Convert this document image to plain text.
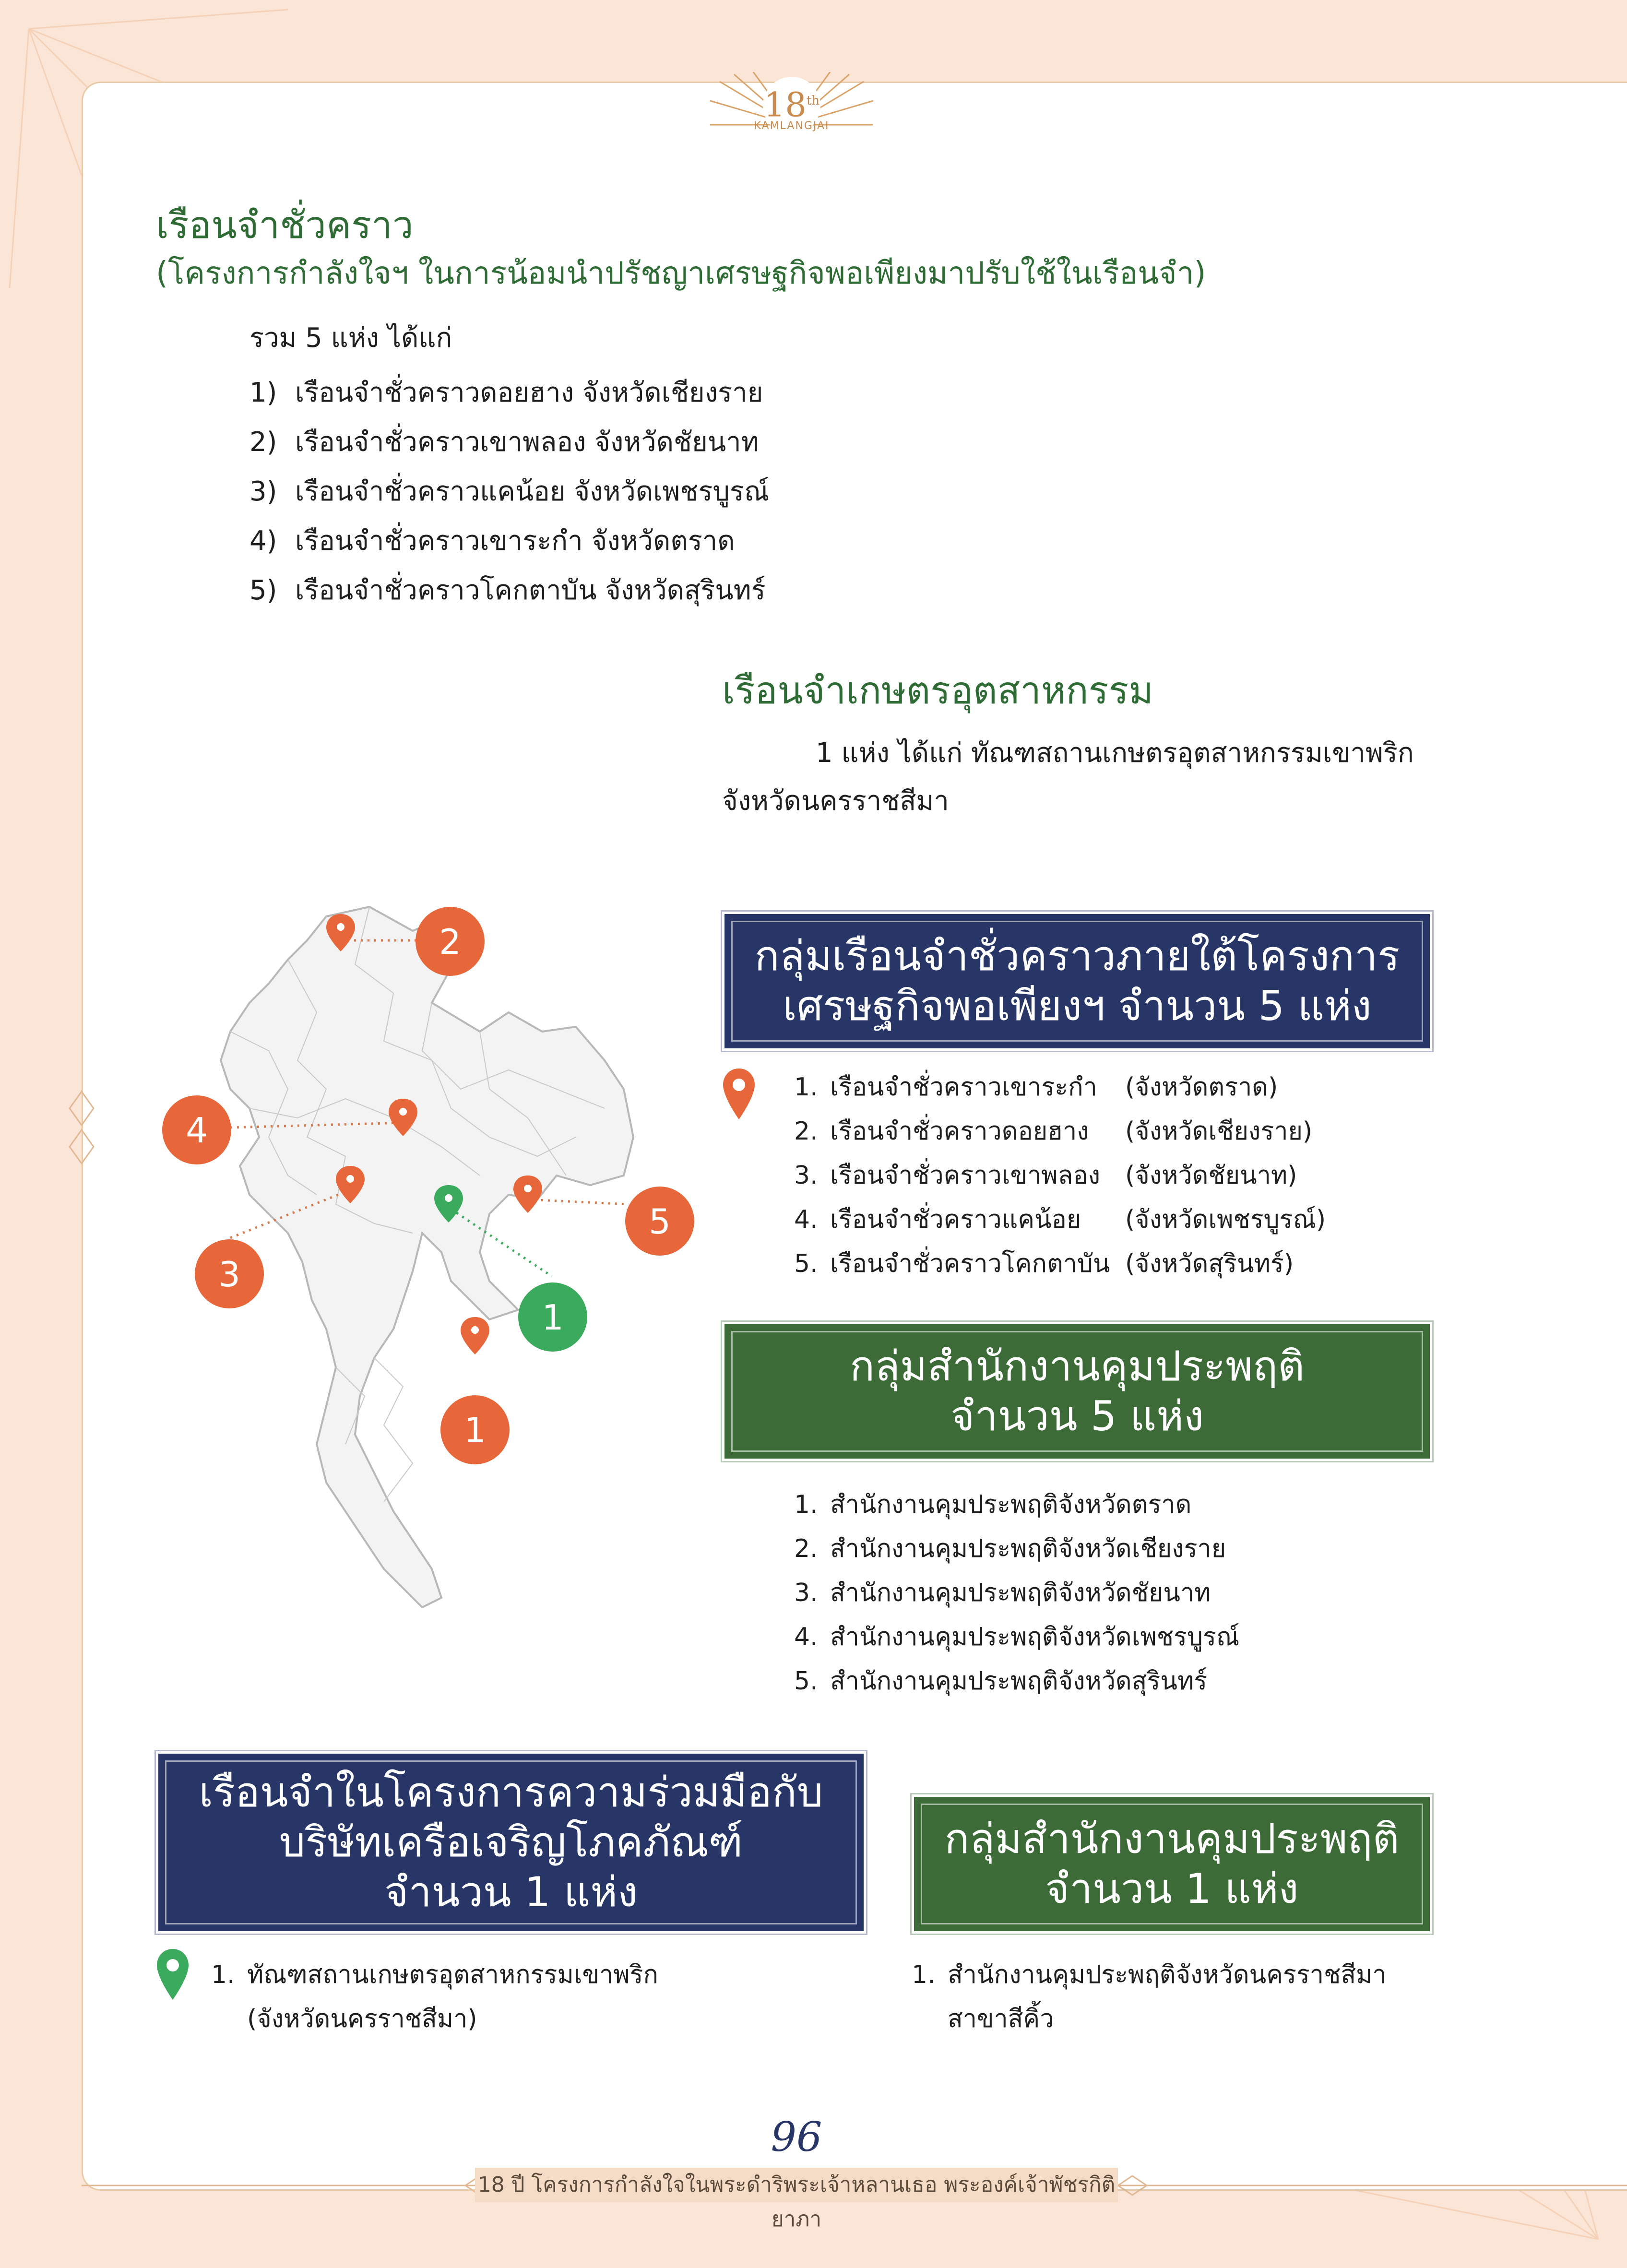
18th
KAMLANGJAI
เรือนจำชั่วคราว
(โครงการกำลังใจฯ ในการน้อมนำปรัชญาเศรษฐกิจพอเพียงมาปรับใช้ในเรือนจำ)
รวม 5 แห่ง ได้แก่
1) เรือนจำชั่วคราวดอยฮาง จังหวัดเชียงราย
2) เรือนจำชั่วคราวเขาพลอง จังหวัดชัยนาท
3) เรือนจำชั่วคราวแคน้อย จังหวัดเพชรบูรณ์
4) เรือนจำชั่วคราวเขาระกำ จังหวัดตราด
5) เรือนจำชั่วคราวโคกตาบัน จังหวัดสุรินทร์
เรือนจำเกษตรอุตสาหกรรม
1 แห่ง ได้แก่ ทัณฑสถานเกษตรอุตสาหกรรมเขาพริก
จังหวัดนครราชสีมา
2
4
3
5
1
1
กลุ่มเรือนจำชั่วคราวภายใต้โครงการ
เศรษฐกิจพอเพียงฯ จำนวน 5 แห่ง
1. เรือนจำชั่วคราวเขาระกำ (จังหวัดตราด)
2. เรือนจำชั่วคราวดอยฮาง (จังหวัดเชียงราย)
3. เรือนจำชั่วคราวเขาพลอง (จังหวัดชัยนาท)
4. เรือนจำชั่วคราวแคน้อย (จังหวัดเพชรบูรณ์)
5. เรือนจำชั่วคราวโคกตาบัน (จังหวัดสุรินทร์)
กลุ่มสำนักงานคุมประพฤติ
จำนวน 5 แห่ง
1. สำนักงานคุมประพฤติจังหวัดตราด
2. สำนักงานคุมประพฤติจังหวัดเชียงราย
3. สำนักงานคุมประพฤติจังหวัดชัยนาท
4. สำนักงานคุมประพฤติจังหวัดเพชรบูรณ์
5. สำนักงานคุมประพฤติจังหวัดสุรินทร์
เรือนจำในโครงการความร่วมมือกับ
บริษัทเครือเจริญโภคภัณฑ์
จำนวน 1 แห่ง
1. ทัณฑสถานเกษตรอุตสาหกรรมเขาพริก
(จังหวัดนครราชสีมา)
กลุ่มสำนักงานคุมประพฤติ
จำนวน 1 แห่ง
1. สำนักงานคุมประพฤติจังหวัดนครราชสีมา
สาขาสีคิ้ว
96
18 ปี โครงการกำลังใจในพระดำริพระเจ้าหลานเธอ พระองค์เจ้าพัชรกิติยาภา
